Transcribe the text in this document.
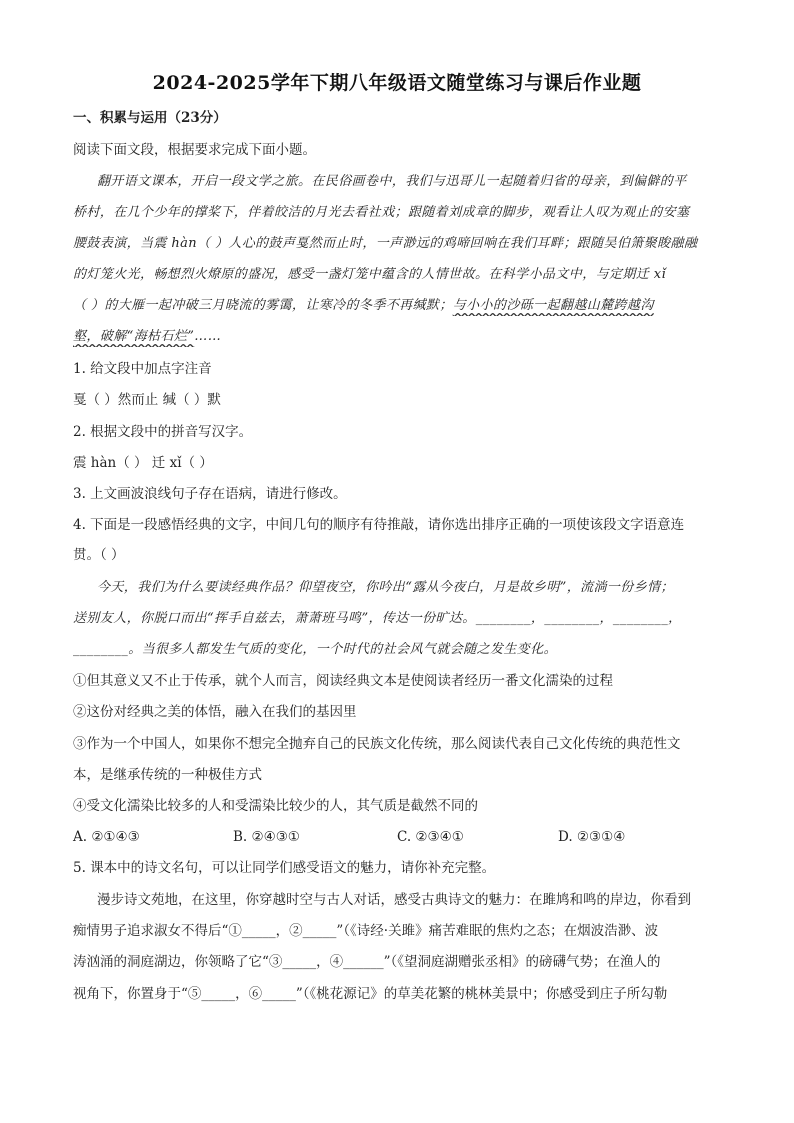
2024-2025学年下期八年级语文随堂练习与课后作业题
一、积累与运用（23分）
阅读下面文段，根据要求完成下面小题。
翻开语文课本，开启一段文学之旅。在民俗画卷中，我们与迅哥儿一起随着归省的母亲，到偏僻的平
桥村，在几个少年的撑桨下，伴着皎洁的月光去看社戏；跟随着刘成章的脚步，观看让人叹为观止的安塞
腰鼓表演，当震 hàn（ ）人心的鼓声戛然而止时，一声渺远的鸡啼回响在我们耳畔；跟随吴伯箫聚睃融融
的灯笼火光，畅想烈火燎原的盛况，感受一盏灯笼中蕴含的人情世故。在科学小品文中，与定期迁 xǐ
（ ）的大雁一起冲破三月晓流的雾霭，让寒冷的冬季不再缄默；与小小的沙砾一起翻越山麓跨越沟
壑，破解“海枯石烂”……
1. 给文段中加点字注音
戛（ ）然而止 缄（ ）默
2. 根据文段中的拼音写汉字。
震 hàn（ ） 迁 xǐ（ ）
3. 上文画波浪线句子存在语病，请进行修改。
4. 下面是一段感悟经典的文字，中间几句的顺序有待推敲，请你选出排序正确的一项使该段文字语意连
贯。（ ）
今天，我们为什么要读经典作品？仰望夜空，你吟出“露从今夜白，月是故乡明”，流淌一份乡情；
送别友人，你脱口而出“挥手自兹去，萧萧班马鸣”，传达一份旷达。________，________，________，
________。当很多人都发生气质的变化，一个时代的社会风气就会随之发生变化。
①但其意义又不止于传承，就个人而言，阅读经典文本是使阅读者经历一番文化濡染的过程
②这份对经典之美的体悟，融入在我们的基因里
③作为一个中国人，如果你不想完全抛弃自己的民族文化传统，那么阅读代表自己文化传统的典范性文
本，是继承传统的一种极佳方式
④受文化濡染比较多的人和受濡染比较少的人，其气质是截然不同的
A. ②①④③	B. ②④③①	C. ②③④①	D. ②③①④
5. 课本中的诗文名句，可以让同学们感受语文的魅力，请你补充完整。
漫步诗文苑地，在这里，你穿越时空与古人对话，感受古典诗文的魅力：在雎鸠和鸣的岸边，你看到
痴情男子追求淑女不得后“①_____，②_____”（《诗经·关雎》痛苦难眠的焦灼之态；在烟波浩渺、波
涛汹涌的洞庭湖边，你领略了它“③_____，④______”（《望洞庭湖赠张丞相》的磅礴气势；在渔人的
视角下，你置身于“⑤_____，⑥_____”（《桃花源记》的草美花繁的桃林美景中；你感受到庄子所勾勒
